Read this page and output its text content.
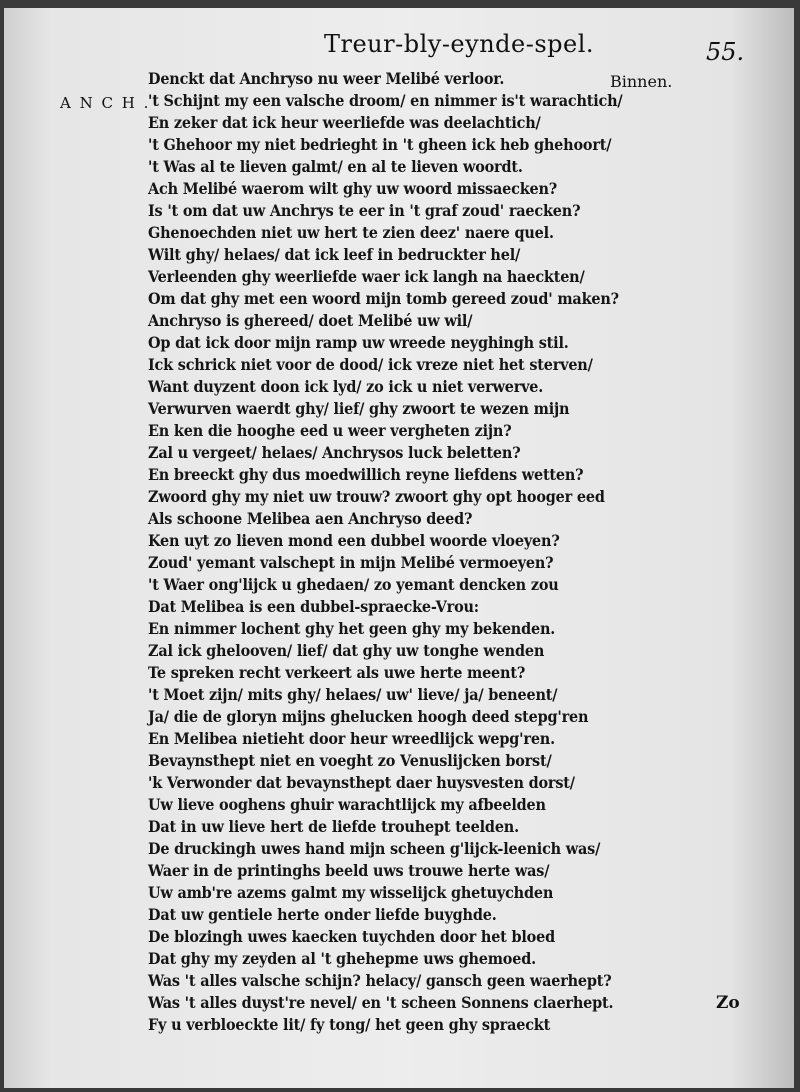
Treur-bly-eynde-spel.	55.
Binnen.
A N C H .
Denckt dat Anchryso nu weer Melibé verloor.
't Schijnt my een valsche droom/ en nimmer is't warachtich/
En zeker dat ick heur weerliefde was deelachtich/
't Ghehoor my niet bedrieght in 't gheen ick heb ghehoort/
't Was al te lieven galmt/ en al te lieven woordt.
Ach Melibé waerom wilt ghy uw woord missaecken?
Is 't om dat uw Anchrys te eer in 't graf zoud' raecken?
Ghenoechden niet uw hert te zien deez' naere quel.
Wilt ghy/ helaes/ dat ick leef in bedruckter hel/
Verleenden ghy weerliefde waer ick langh na haeckten/
Om dat ghy met een woord mijn tomb gereed zoud' maken?
Anchryso is ghereed/ doet Melibé uw wil/
Op dat ick door mijn ramp uw wreede neyghingh stil.
Ick schrick niet voor de dood/ ick vreze niet het sterven/
Want duyzent doon ick lyd/ zo ick u niet verwerve.
Verwurven waerdt ghy/ lief/ ghy zwoort te wezen mijn
En ken die hooghe eed u weer vergheten zijn?
Zal u vergeet/ helaes/ Anchrysos luck beletten?
En breeckt ghy dus moedwillich reyne liefdens wetten?
Zwoord ghy my niet uw trouw? zwoort ghy opt hooger eed
Als schoone Melibea aen Anchryso deed?
Ken uyt zo lieven mond een dubbel woorde vloeyen?
Zoud' yemant valschept in mijn Melibé vermoeyen?
't Waer ong'lijck u ghedaen/ zo yemant dencken zou
Dat Melibea is een dubbel-spraecke-Vrou:
En nimmer lochent ghy het geen ghy my bekenden.
Zal ick ghelooven/ lief/ dat ghy uw tonghe wenden
Te spreken recht verkeert als uwe herte meent?
't Moet zijn/ mits ghy/ helaes/ uw' lieve/ ja/ beneent/
Ja/ die de gloryn mijns ghelucken hoogh deed stepg'ren
En Melibea nietieht door heur wreedlijck wepg'ren.
Bevaynsthept niet en voeght zo Venuslijcken borst/
'k Verwonder dat bevaynsthept daer huysvesten dorst/
Uw lieve ooghens ghuir warachtlijck my afbeelden
Dat in uw lieve hert de liefde trouhept teelden.
De druckingh uwes hand mijn scheen g'lijck-leenich was/
Waer in de printinghs beeld uws trouwe herte was/
Uw amb're azems galmt my wisselijck ghetuychden
Dat uw gentiele herte onder liefde buyghde.
De blozingh uwes kaecken tuychden door het bloed
Dat ghy my zeyden al 't ghehepme uws ghemoed.
Was 't alles valsche schijn? helacy/ gansch geen waerhept?
Was 't alles duyst're nevel/ en 't scheen Sonnens claerhept.
Fy u verbloeckte lit/ fy tong/ het geen ghy spraeckt
Zo
